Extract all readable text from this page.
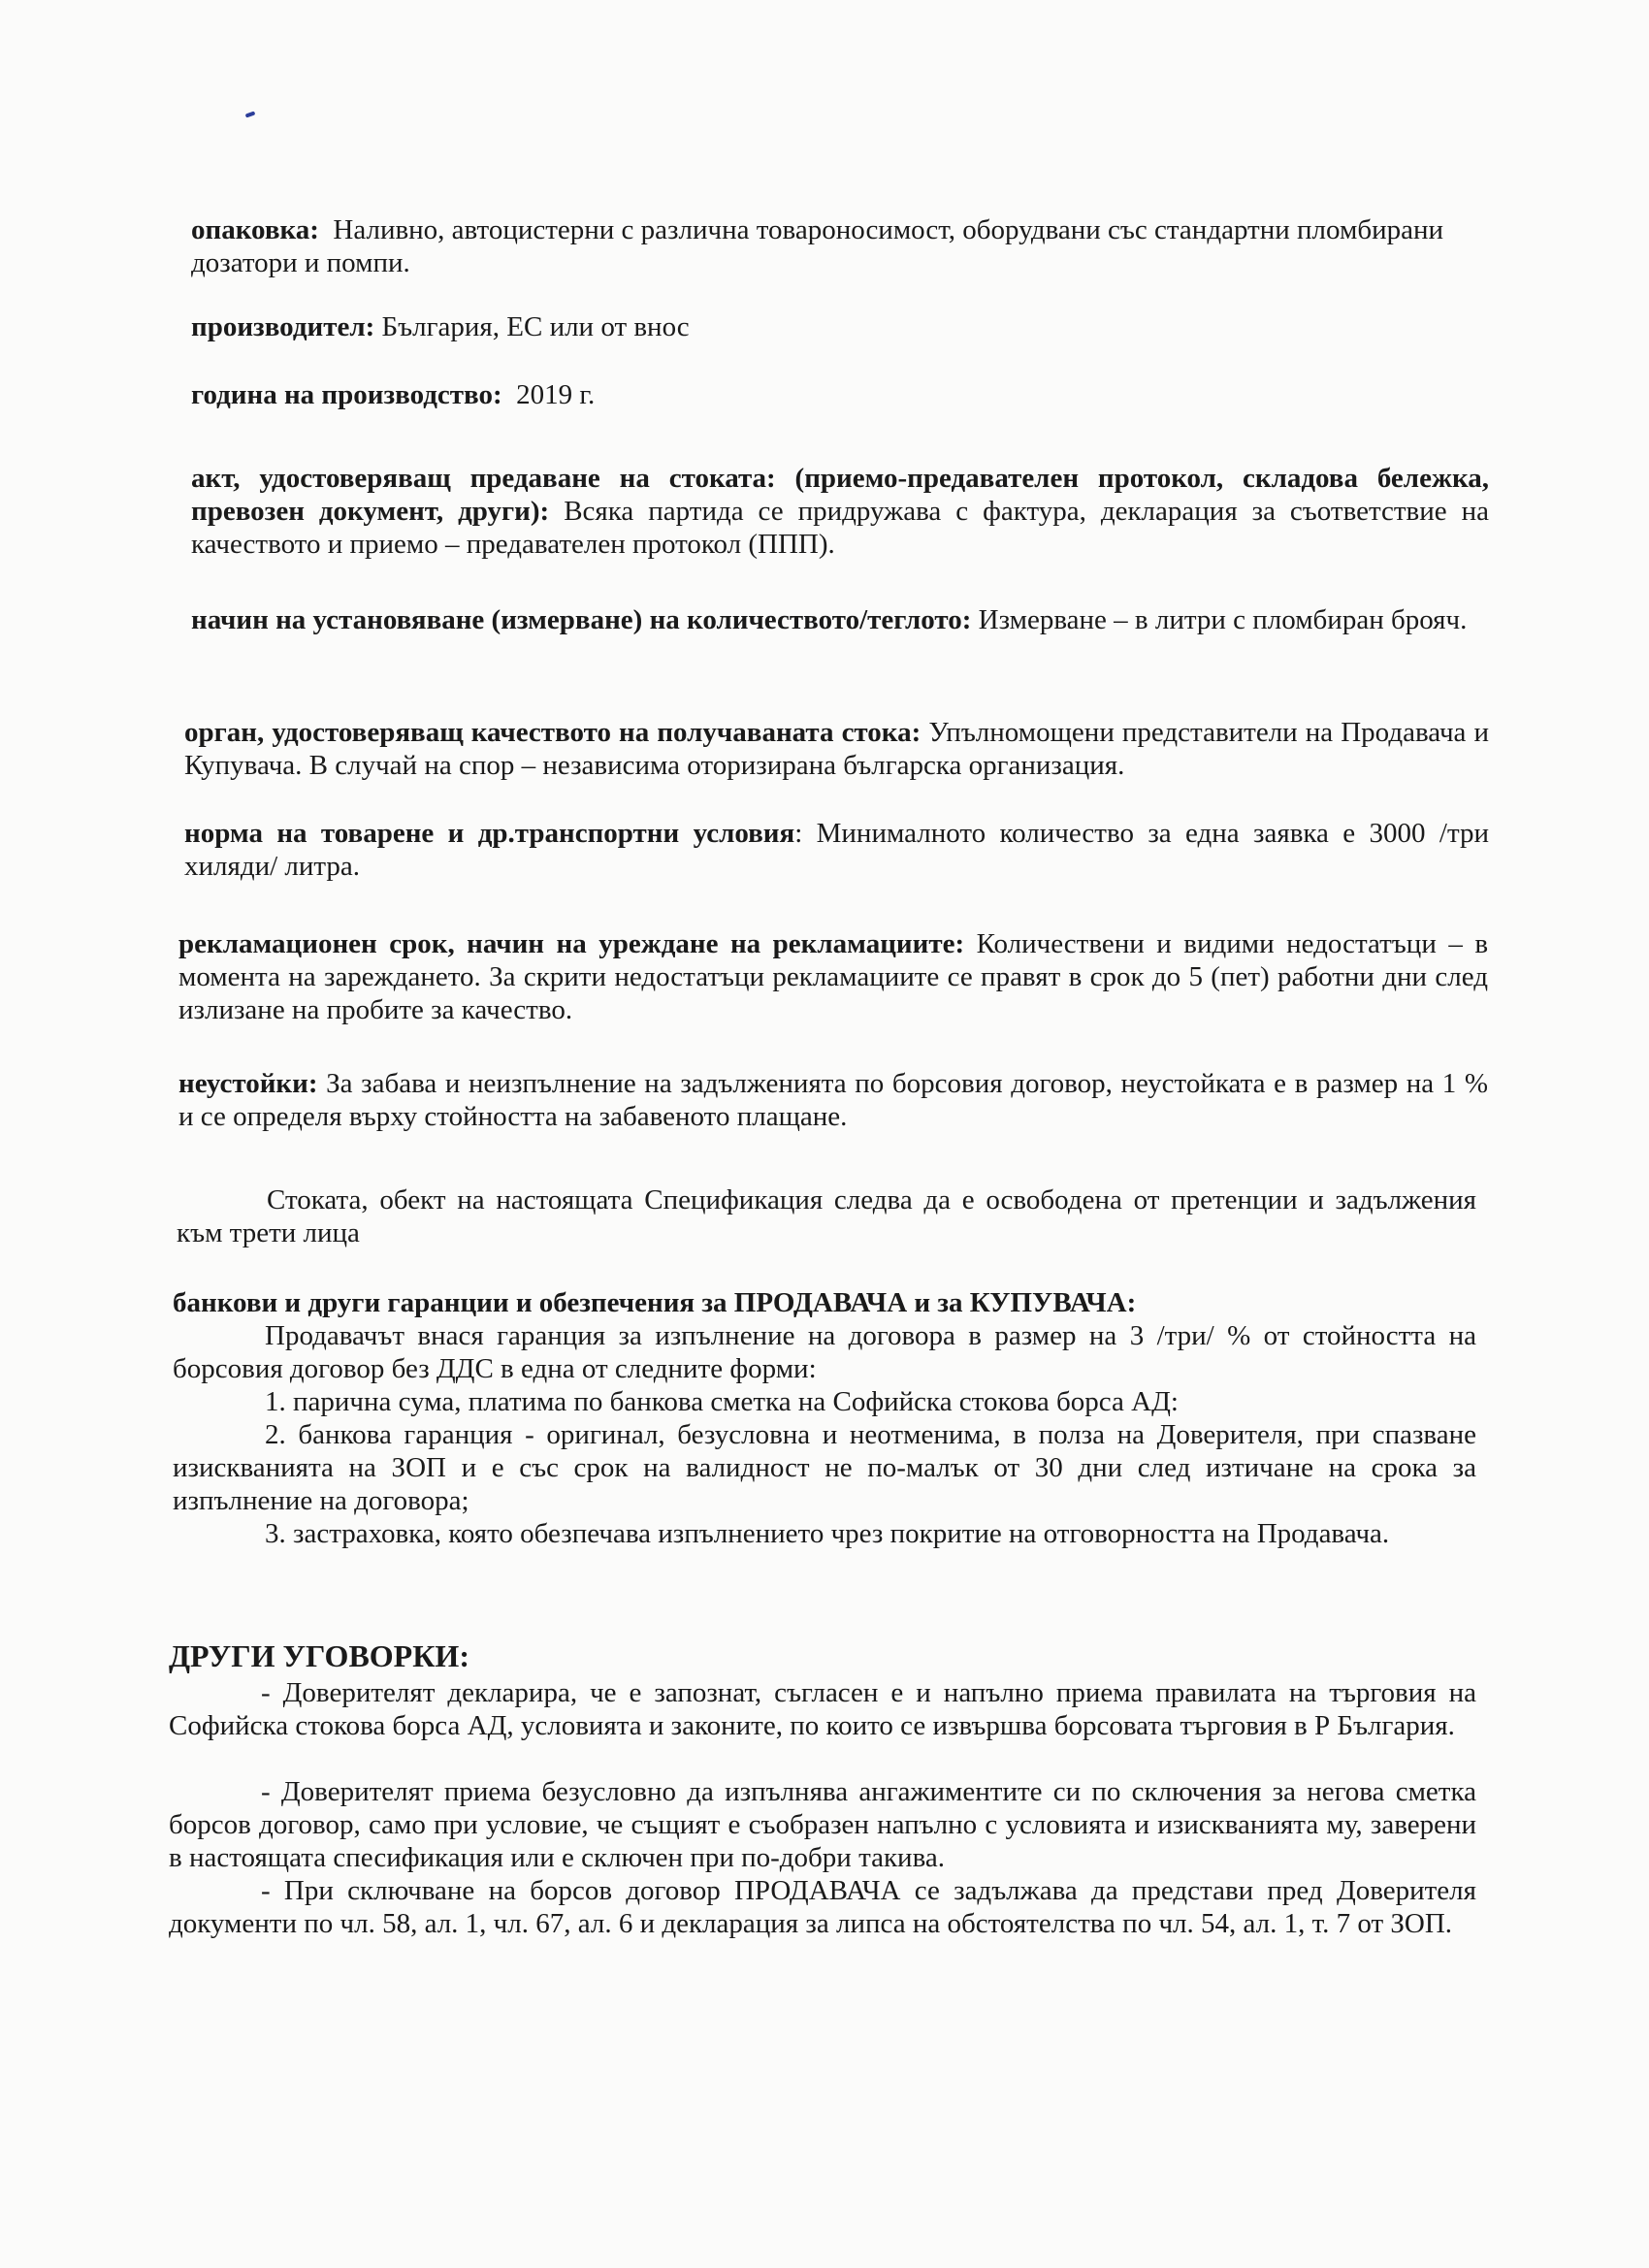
опаковка: Наливно, автоцистерни с различна товароносимост, оборудвани със стандартни пломбирани дозатори и помпи.

производител: България, ЕС или от внос

година на производство: 2019 г.

акт, удостоверяващ предаване на стоката: (приемо-предавателен протокол, складова бележка, превозен документ, други): Всяка партида се придружава с фактура, декларация за съответствие на качеството и приемо – предавателен протокол (ППП).

начин на установяване (измерване) на количеството/теглото: Измерване – в литри с пломбиран брояч.

орган, удостоверяващ качеството на получаваната стока: Упълномощени представители на Продавача и Купувача. В случай на спор – независима оторизирана българска организация.

норма на товарене и др.транспортни условия: Минималното количество за една заявка е 3000 /три хиляди/ литра.

рекламационен срок, начин на уреждане на рекламациите: Количествени и видими недостатъци – в момента на зареждането. За скрити недостатъци рекламациите се правят в срок до 5 (пет) работни дни след излизане на пробите за качество.

неустойки: За забава и неизпълнение на задълженията по борсовия договор, неустойката е в размер на 1 % и се определя върху стойността на забавеното плащане.

Стоката, обект на настоящата Спецификация следва да е освободена от претенции и задължения към трети лица

банкови и други гаранции и обезпечения за ПРОДАВАЧА и за КУПУВАЧА:

Продавачът внася гаранция за изпълнение на договора в размер на 3 /три/ % от стойността на борсовия договор без ДДС в една от следните форми:

1. парична сума, платима по банкова сметка на Софийска стокова борса АД:

2. банкова гаранция - оригинал, безусловна и неотменима, в полза на Доверителя, при спазване изискванията на ЗОП и е със срок на валидност не по-малък от 30 дни след изтичане на срока за изпълнение на договора;

3. застраховка, която обезпечава изпълнението чрез покритие на отговорността на Продавача.

ДРУГИ УГОВОРКИ:

- Доверителят декларира, че е запознат, съгласен е и напълно приема правилата на търговия на Софийска стокова борса АД, условията и законите, по които се извършва борсовата търговия в Р България.

- Доверителят приема безусловно да изпълнява ангажиментите си по сключения за негова сметка борсов договор, само при условие, че същият е съобразен напълно с условията и изискванията му, заверени в настоящата спесификация или е сключен при по-добри такива.

- При сключване на борсов договор ПРОДАВАЧА се задължава да представи пред Доверителя документи по чл. 58, ал. 1, чл. 67, ал. 6 и декларация за липса на обстоятелства по чл. 54, ал. 1, т. 7 от ЗОП.
